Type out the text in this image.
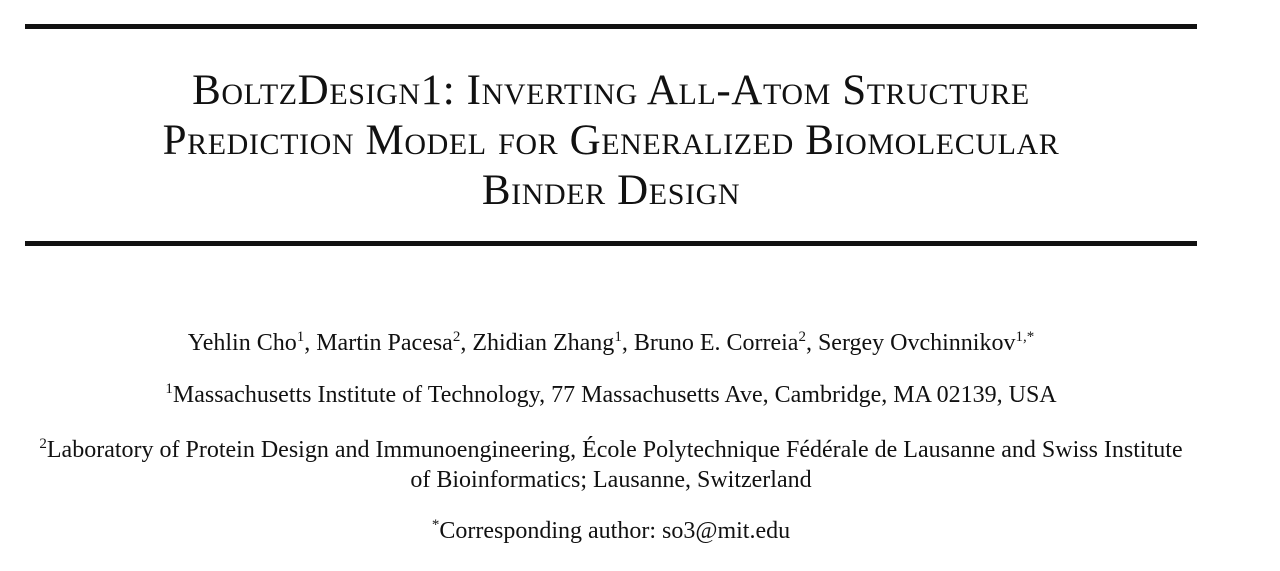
BoltzDesign1: Inverting All-Atom Structure
Prediction Model for Generalized Biomolecular
Binder Design
Yehlin Cho$^1$, Martin Pacesa$^2$, Zhidian Zhang$^1$, Bruno E. Correia$^2$, Sergey Ovchinnikov$^{1,*}$
$^1$Massachusetts Institute of Technology, 77 Massachusetts Ave, Cambridge, MA 02139, USA
$^2$Laboratory of Protein Design and Immunoengineering, École Polytechnique Fédérale de Lausanne and Swiss Institute
of Bioinformatics; Lausanne, Switzerland
*Corresponding author: so3@mit.edu
